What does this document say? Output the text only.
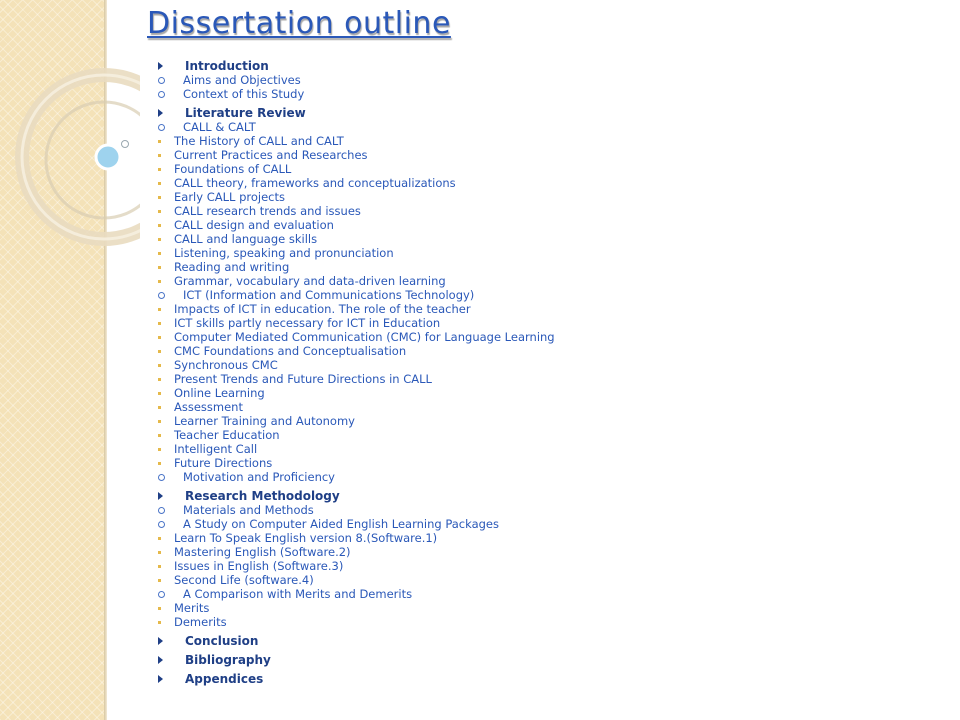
Dissertation outline
Introduction
Aims and Objectives
Context of this Study
Literature Review
CALL & CALT
The History of CALL and CALT
Current Practices and Researches
Foundations of CALL
CALL theory, frameworks and conceptualizations
Early CALL projects
CALL research trends and issues
CALL design and evaluation
CALL and language skills
Listening, speaking and pronunciation
Reading and writing
Grammar, vocabulary and data-driven learning
ICT (Information and Communications Technology)
Impacts of ICT in education. The role of the teacher
ICT skills partly necessary for ICT in Education
Computer Mediated Communication (CMC) for Language Learning
CMC Foundations and Conceptualisation
Synchronous CMC
Present Trends and Future Directions in CALL
Online Learning
Assessment
Learner Training and Autonomy
Teacher Education
Intelligent Call
Future Directions
Motivation and Proficiency
Research Methodology
Materials and Methods
A Study on Computer Aided English Learning Packages
Learn To Speak English version 8.(Software.1)
Mastering English (Software.2)
Issues in English (Software.3)
Second Life (software.4)
A Comparison with Merits and Demerits
Merits
Demerits
Conclusion
Bibliography
Appendices
